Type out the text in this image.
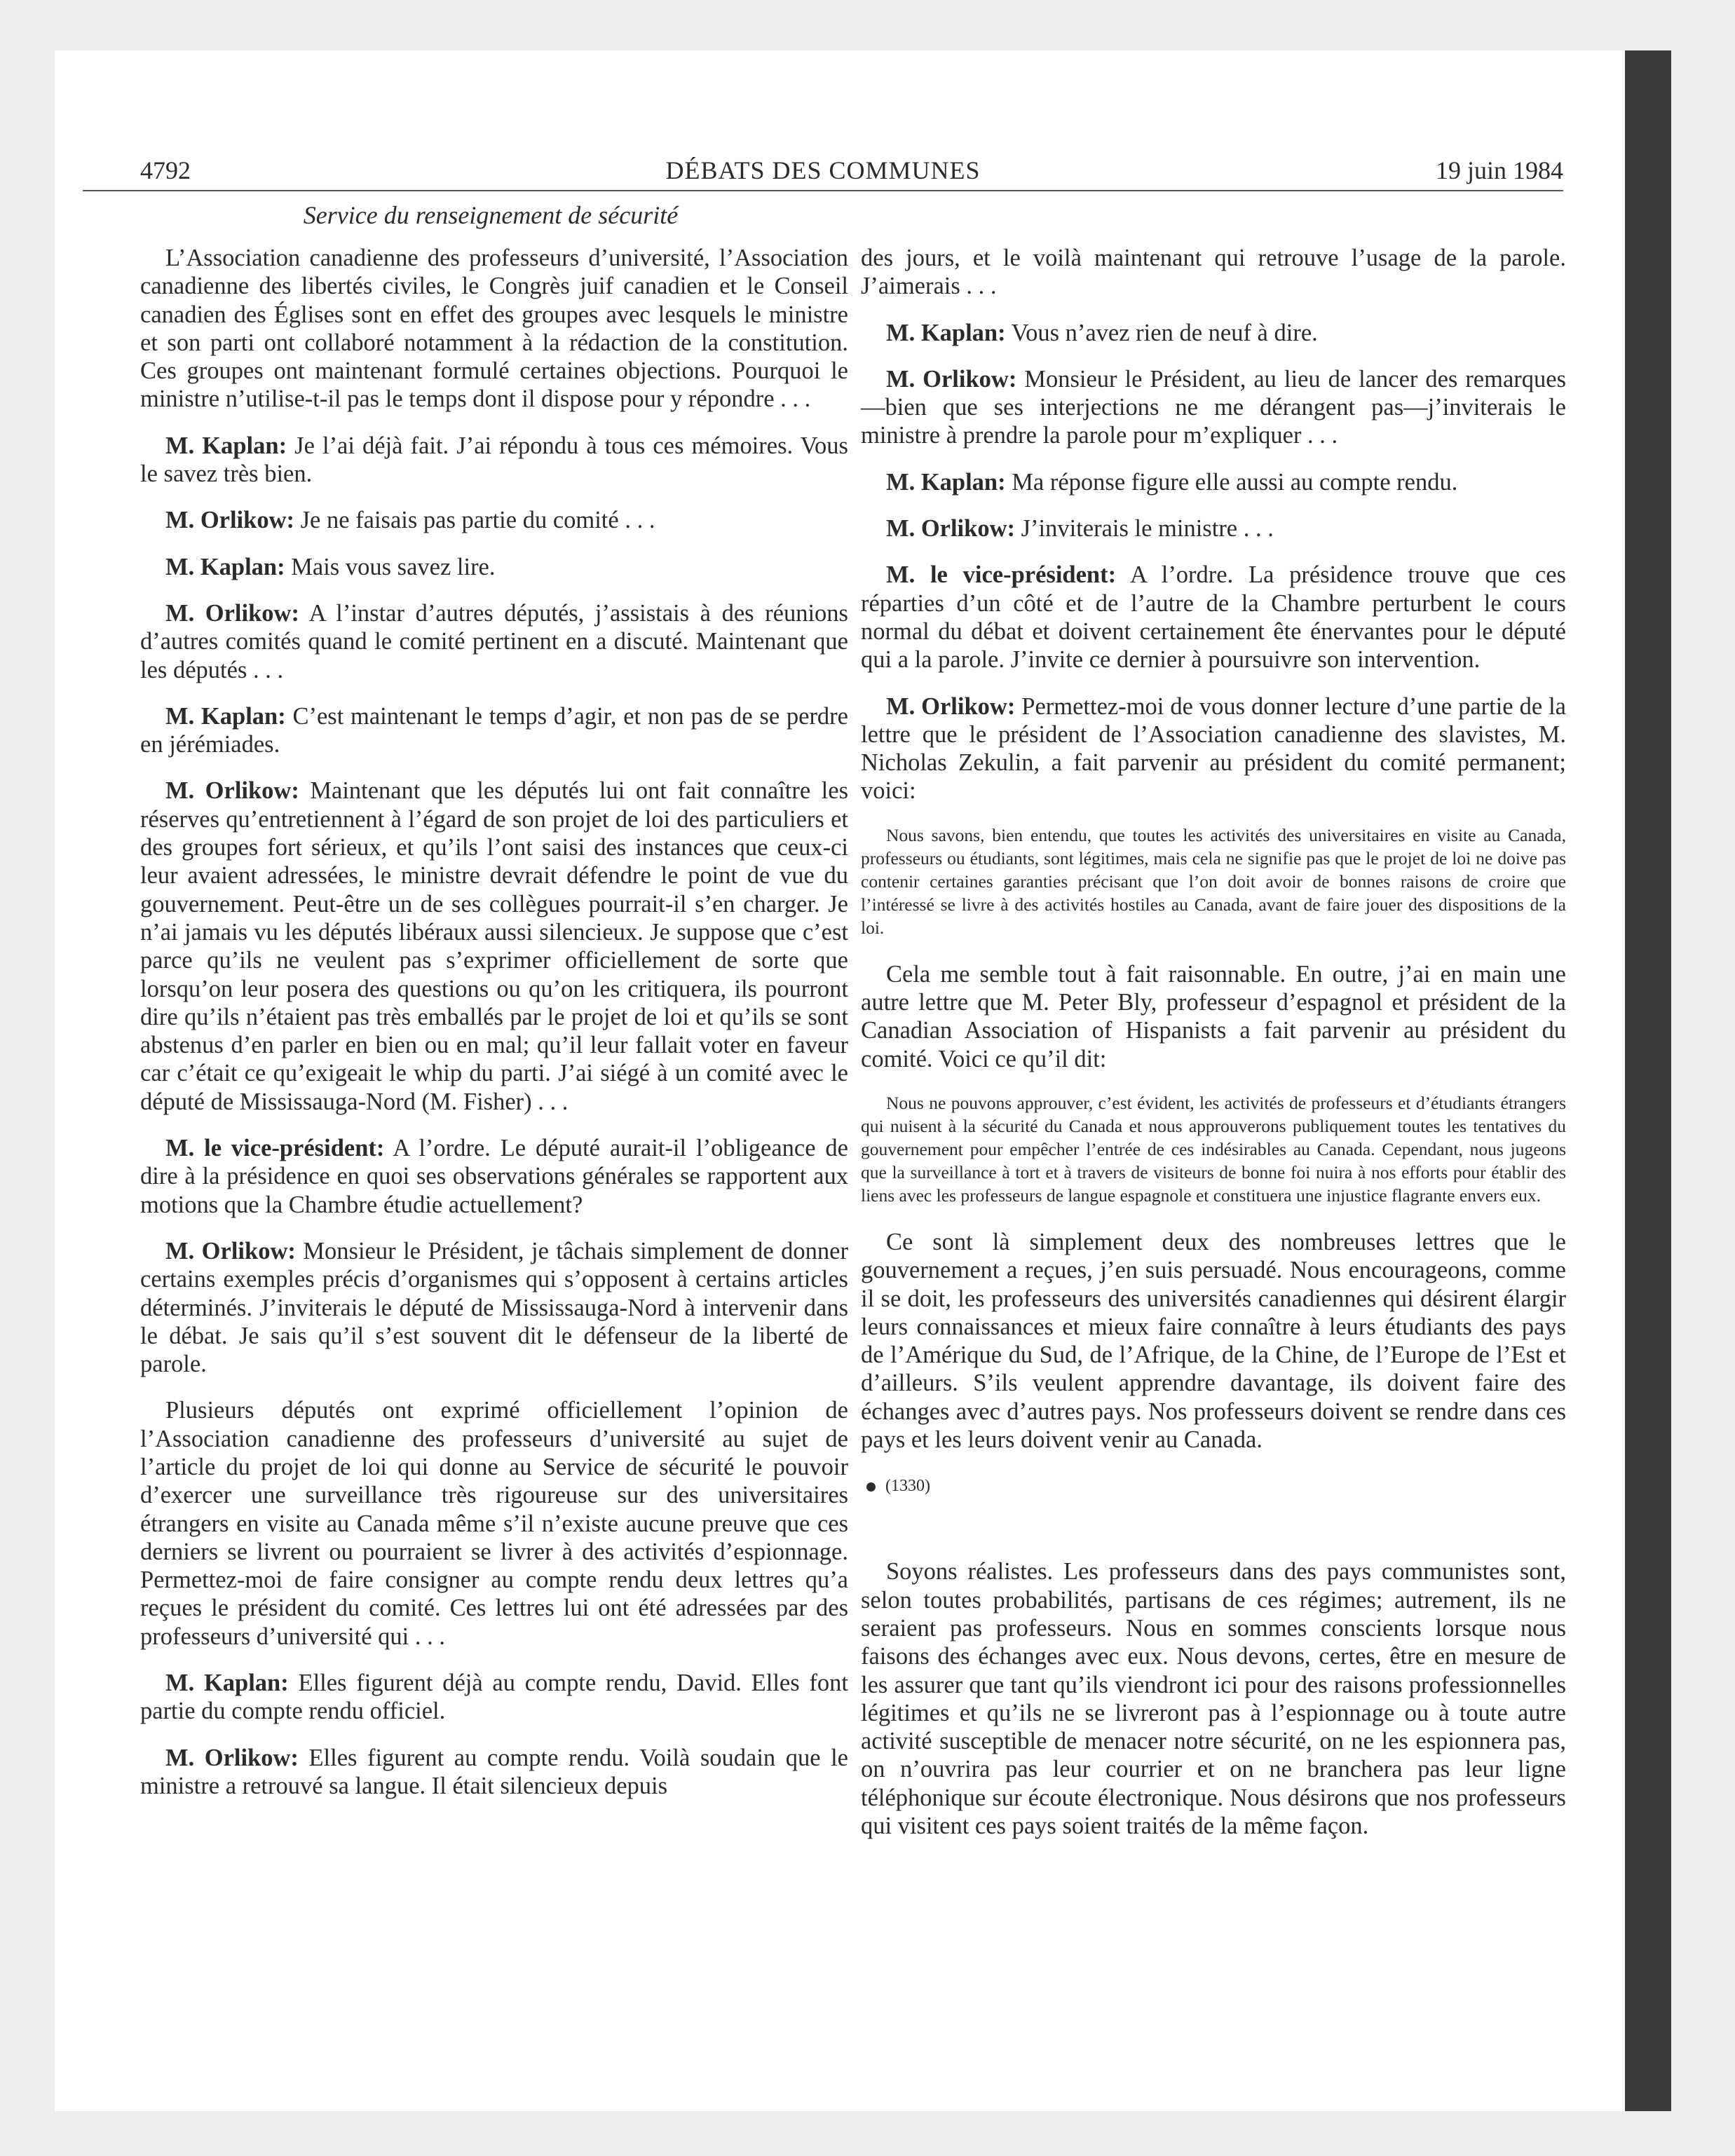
4792	DÉBATS DES COMMUNES	19 juin 1984
Service du renseignement de sécurité

L’Association canadienne des professeurs d’université, l’Association canadienne des libertés civiles, le Congrès juif canadien et le Conseil canadien des Églises sont en effet des groupes avec lesquels le ministre et son parti ont collaboré notamment à la rédaction de la constitution. Ces groupes ont maintenant formulé certaines objections. Pourquoi le ministre n’utilise-t-il pas le temps dont il dispose pour y répondre . . .

M. Kaplan: Je l’ai déjà fait. J’ai répondu à tous ces mémoires. Vous le savez très bien.

M. Orlikow: Je ne faisais pas partie du comité . . .

M. Kaplan: Mais vous savez lire.

M. Orlikow: A l’instar d’autres députés, j’assistais à des réunions d’autres comités quand le comité pertinent en a discuté. Maintenant que les députés . . .

M. Kaplan: C’est maintenant le temps d’agir, et non pas de se perdre en jérémiades.

M. Orlikow: Maintenant que les députés lui ont fait connaître les réserves qu’entretiennent à l’égard de son projet de loi des particuliers et des groupes fort sérieux, et qu’ils l’ont saisi des instances que ceux-ci leur avaient adressées, le ministre devrait défendre le point de vue du gouvernement. Peut-être un de ses collègues pourrait-il s’en charger. Je n’ai jamais vu les députés libéraux aussi silencieux. Je suppose que c’est parce qu’ils ne veulent pas s’exprimer officiellement de sorte que lorsqu’on leur posera des questions ou qu’on les critiquera, ils pourront dire qu’ils n’étaient pas très emballés par le projet de loi et qu’ils se sont abstenus d’en parler en bien ou en mal; qu’il leur fallait voter en faveur car c’était ce qu’exigeait le whip du parti. J’ai siégé à un comité avec le député de Mississauga-Nord (M. Fisher) . . .

M. le vice-président: A l’ordre. Le député aurait-il l’obligeance de dire à la présidence en quoi ses observations générales se rapportent aux motions que la Chambre étudie actuellement?

M. Orlikow: Monsieur le Président, je tâchais simplement de donner certains exemples précis d’organismes qui s’opposent à certains articles déterminés. J’inviterais le député de Mississauga-Nord à intervenir dans le débat. Je sais qu’il s’est souvent dit le défenseur de la liberté de parole.

Plusieurs députés ont exprimé officiellement l’opinion de l’Association canadienne des professeurs d’université au sujet de l’article du projet de loi qui donne au Service de sécurité le pouvoir d’exercer une surveillance très rigoureuse sur des universitaires étrangers en visite au Canada même s’il n’existe aucune preuve que ces derniers se livrent ou pourraient se livrer à des activités d’espionnage. Permettez-moi de faire consigner au compte rendu deux lettres qu’a reçues le président du comité. Ces lettres lui ont été adressées par des professeurs d’université qui . . .

M. Kaplan: Elles figurent déjà au compte rendu, David. Elles font partie du compte rendu officiel.

M. Orlikow: Elles figurent au compte rendu. Voilà soudain que le ministre a retrouvé sa langue. Il était silencieux depuis

des jours, et le voilà maintenant qui retrouve l’usage de la parole. J’aimerais . . .

M. Kaplan: Vous n’avez rien de neuf à dire.

M. Orlikow: Monsieur le Président, au lieu de lancer des remarques—bien que ses interjections ne me dérangent pas—j’inviterais le ministre à prendre la parole pour m’expliquer . . .

M. Kaplan: Ma réponse figure elle aussi au compte rendu.

M. Orlikow: J’inviterais le ministre . . .

M. le vice-président: A l’ordre. La présidence trouve que ces réparties d’un côté et de l’autre de la Chambre perturbent le cours normal du débat et doivent certainement ête énervantes pour le député qui a la parole. J’invite ce dernier à poursuivre son intervention.

M. Orlikow: Permettez-moi de vous donner lecture d’une partie de la lettre que le président de l’Association canadienne des slavistes, M. Nicholas Zekulin, a fait parvenir au président du comité permanent; voici:

Nous savons, bien entendu, que toutes les activités des universitaires en visite au Canada, professeurs ou étudiants, sont légitimes, mais cela ne signifie pas que le projet de loi ne doive pas contenir certaines garanties précisant que l’on doit avoir de bonnes raisons de croire que l’intéressé se livre à des activités hostiles au Canada, avant de faire jouer des dispositions de la loi.

Cela me semble tout à fait raisonnable. En outre, j’ai en main une autre lettre que M. Peter Bly, professeur d’espagnol et président de la Canadian Association of Hispanists a fait parvenir au président du comité. Voici ce qu’il dit:

Nous ne pouvons approuver, c’est évident, les activités de professeurs et d’étudiants étrangers qui nuisent à la sécurité du Canada et nous approuverons publiquement toutes les tentatives du gouvernement pour empêcher l’entrée de ces indésirables au Canada. Cependant, nous jugeons que la surveillance à tort et à travers de visiteurs de bonne foi nuira à nos efforts pour établir des liens avec les professeurs de langue espagnole et constituera une injustice flagrante envers eux.

Ce sont là simplement deux des nombreuses lettres que le gouvernement a reçues, j’en suis persuadé. Nous encourageons, comme il se doit, les professeurs des universités canadiennes qui désirent élargir leurs connaissances et mieux faire connaître à leurs étudiants des pays de l’Amérique du Sud, de l’Afrique, de la Chine, de l’Europe de l’Est et d’ailleurs. S’ils veulent apprendre davantage, ils doivent faire des échanges avec d’autres pays. Nos professeurs doivent se rendre dans ces pays et les leurs doivent venir au Canada.

(1330)

Soyons réalistes. Les professeurs dans des pays communistes sont, selon toutes probabilités, partisans de ces régimes; autrement, ils ne seraient pas professeurs. Nous en sommes conscients lorsque nous faisons des échanges avec eux. Nous devons, certes, être en mesure de les assurer que tant qu’ils viendront ici pour des raisons professionnelles légitimes et qu’ils ne se livreront pas à l’espionnage ou à toute autre activité susceptible de menacer notre sécurité, on ne les espionnera pas, on n’ouvrira pas leur courrier et on ne branchera pas leur ligne téléphonique sur écoute électronique. Nous désirons que nos professeurs qui visitent ces pays soient traités de la même façon.
